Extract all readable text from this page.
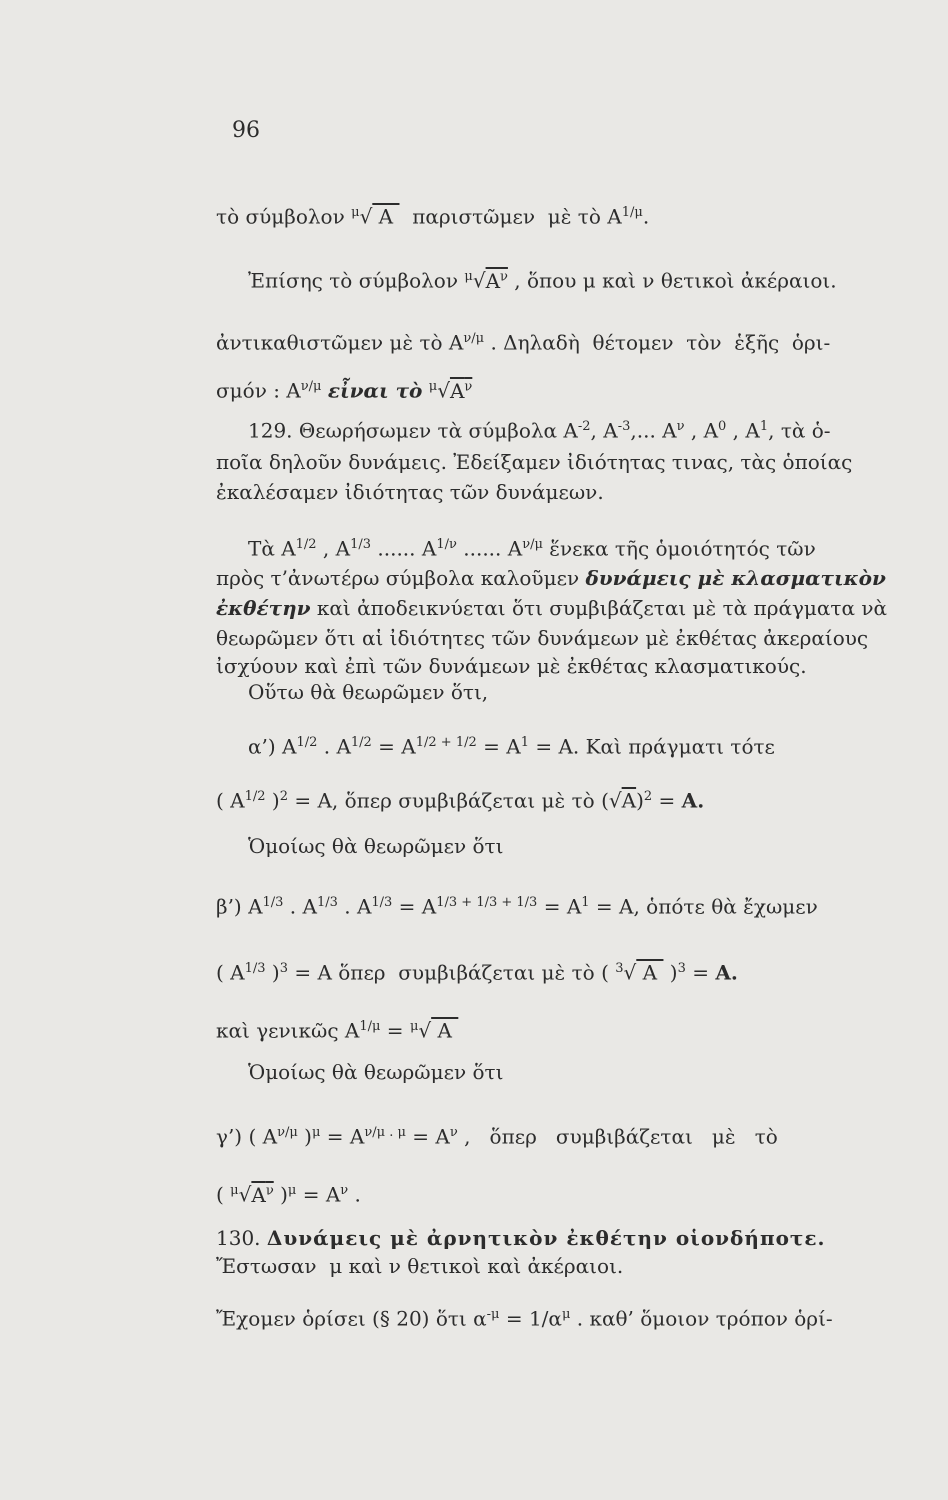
96
τὸ σύμβολον $^\mu$√ A   παριστῶμεν  μὲ τὸ $A^{1/\mu}$.
Ἐπίσης τὸ σύμβολον $^\mu√A^\nu$ , ὅπου μ καὶ ν θετικοὶ ἀκέραιοι.
ἀντικαθιστῶμεν μὲ τὸ $A^{\nu/\mu}$ . Δηλαδὴ  θέτομεν  τὸν  ἑξῆς  ὁρι-
σμόν : $A^{\nu/\mu}$ εἶναι τὸ $^\mu√A^\nu$
129. Θεωρήσωμεν τὰ σύμβολα $A^{-2}$, $A^{-3}$,... $A^\nu$ , $A^0$ , $A^1$, τὰ ὁ-
ποῖα δηλοῦν δυνάμεις. Ἐδείξαμεν ἰδιότητας τινας, τὰς ὁποίας
ἐκαλέσαμεν ἰδιότητας τῶν δυνάμεων.
Τὰ $A^{1/2}$ , $A^{1/3}$ ...... $A^{1/\nu}$ ...... $A^{\nu/\mu}$ ἕνεκα τῆς ὁμοιότητός τῶν
πρὸς τ’ἀνωτέρω σύμβολα καλοῦμεν δυνάμεις μὲ κλασματικὸν
ἐκθέτην καὶ ἀποδεικνύεται ὅτι συμβιβάζεται μὲ τὰ πράγματα νὰ
θεωρῶμεν ὅτι αἱ ἰδιότητες τῶν δυνάμεων μὲ ἐκθέτας ἀκεραίους
ἰσχύουν καὶ ἐπὶ τῶν δυνάμεων μὲ ἐκθέτας κλασματικούς.
Οὕτω θὰ θεωρῶμεν ὅτι,
α’) $A^{1/2}$ . $A^{1/2} = A^{1/2 + 1/2} = A^1 = A$. Καὶ πράγματι τότε
( $A^{1/2}$ )$^2$ = A, ὅπερ συμβιβάζεται μὲ τὸ $(√A)^2 = A$.
Ὁμοίως θὰ θεωρῶμεν ὅτι
β’) $A^{1/3}$ . $A^{1/3}$ . $A^{1/3} = A^{1/3 + 1/3 + 1/3} = A^1 = A$, ὁπότε θὰ ἔχωμεν
( $A^{1/3}$ )$^3$ = A ὅπερ  συμβιβάζεται μὲ τὸ ( $^3$√ A  )$^3$ = A.
καὶ γενικῶς $A^{1/\mu} = ^\mu√$ A
Ὁμοίως θὰ θεωρῶμεν ὅτι
γ’) ( $A^{\nu/\mu}$ )$^\mu = A^{\nu/\mu . \mu} = A^\nu$ ,   ὅπερ   συμβιβάζεται   μὲ   τὸ
( $^\mu√A^\nu$ )$^\mu = A^\nu$ .
130. Δυνάμεις μὲ ἀρνητικὸν ἐκθέτην οἱονδήποτε.
Ἔστωσαν  μ καὶ ν θετικοὶ καὶ ἀκέραιοι.
Ἔχομεν ὁρίσει (§ 20) ὅτι $\alpha^{-\mu} = 1/\alpha^\mu$ . καθ’ ὅμοιον τρόπον ὁρί-
